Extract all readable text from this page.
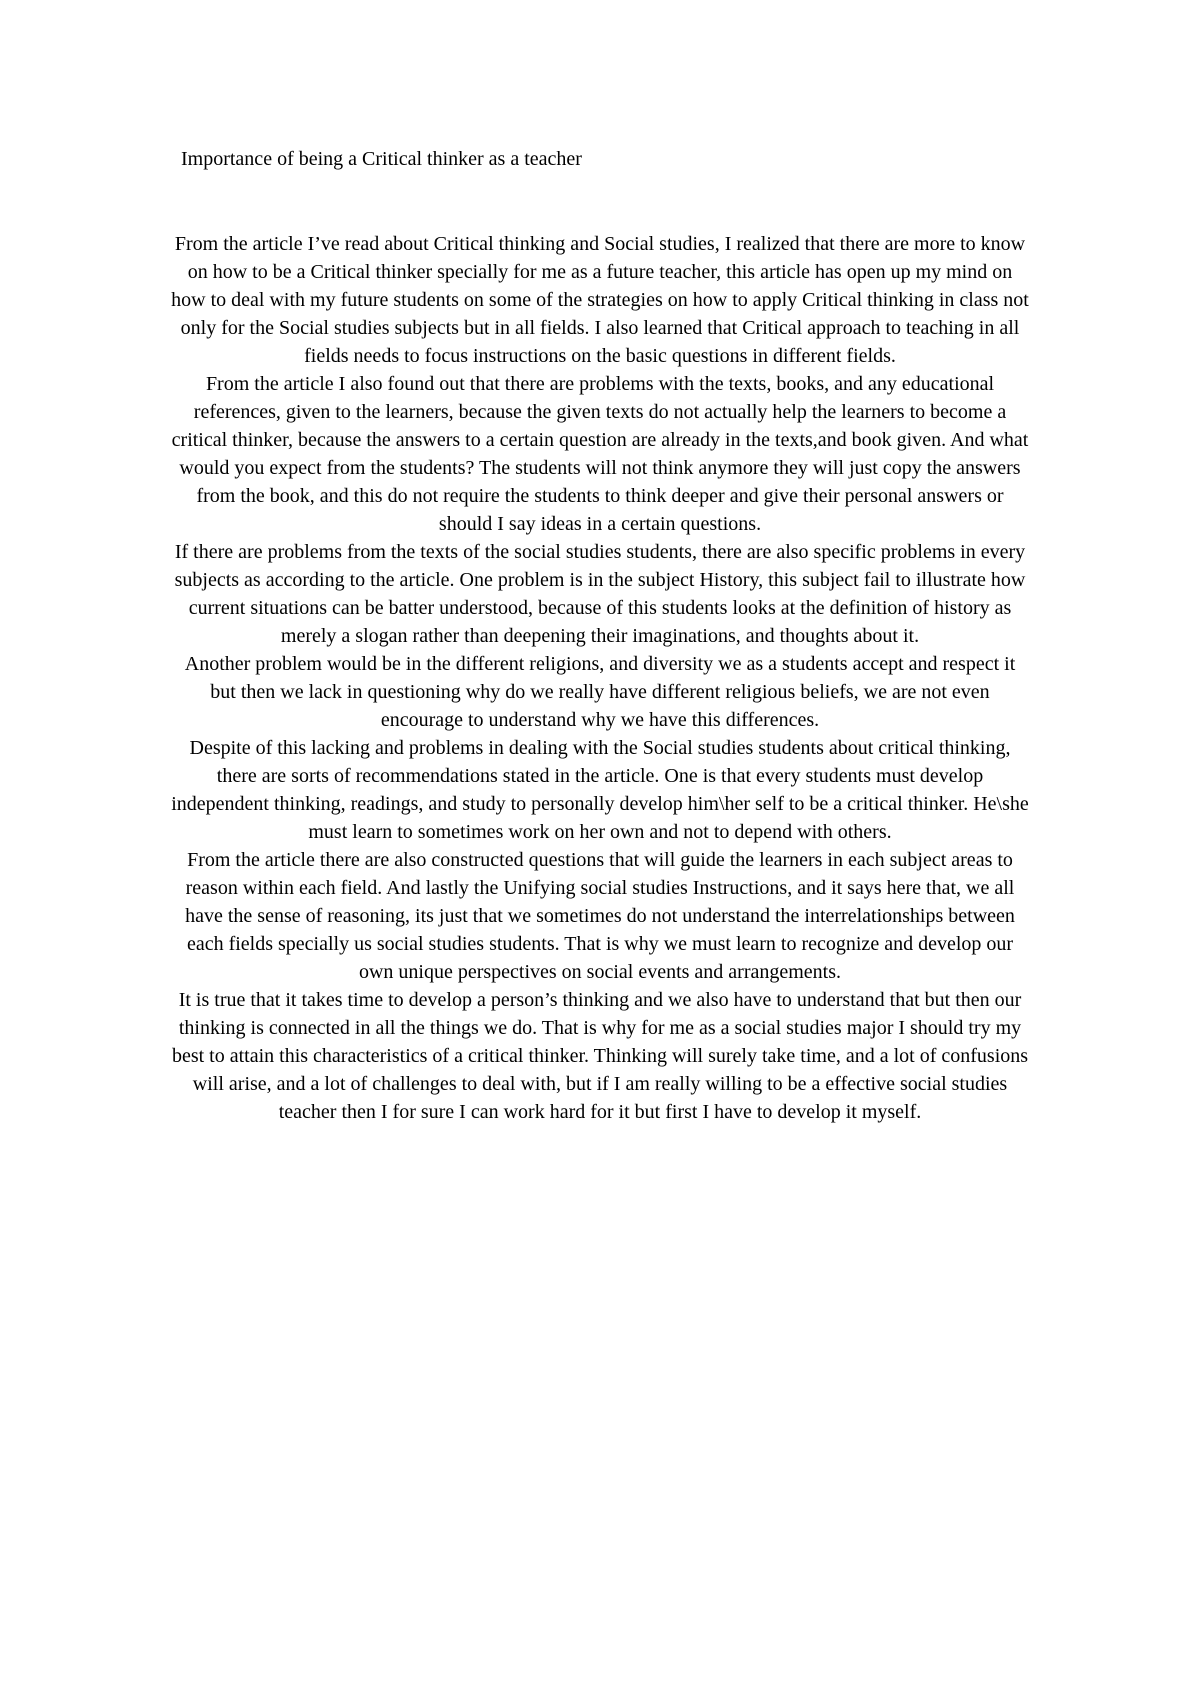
Importance of being a Critical thinker as a teacher

From the article I’ve read about Critical thinking and Social studies, I realized that there are more to know on how to be a Critical thinker specially for me as a future teacher, this article has open up my mind on how to deal with my future students on some of the strategies on how to apply Critical thinking in class not only for the Social studies subjects but in all fields. I also learned that Critical approach to teaching in all fields needs to focus instructions on the basic questions in different fields.

From the article I also found out that there are problems with the texts, books, and any educational references, given to the learners, because the given texts do not actually help the learners to become a critical thinker, because the answers to a certain question are already in the texts,and book given. And what would you expect from the students? The students will not think anymore they will just copy the answers from the book, and this do not require the students to think deeper and give their personal answers or should I say ideas in a certain questions.

If there are problems from the texts of the social studies students, there are also specific problems in every subjects as according to the article. One problem is in the subject History, this subject fail to illustrate how current situations can be batter understood, because of this students looks at the definition of history as merely a slogan rather than deepening their imaginations, and thoughts about it.

Another problem would be in the different religions, and diversity we as a students accept and respect it but then we lack in questioning why do we really have different religious beliefs, we are not even encourage to understand why we have this differences.

Despite of this lacking and problems in dealing with the Social studies students about critical thinking, there are sorts of recommendations stated in the article. One is that every students must develop independent thinking, readings, and study to personally develop him\her self to be a critical thinker. He\she must learn to sometimes work on her own and not to depend with others.

From the article there are also constructed questions that will guide the learners in each subject areas to reason within each field. And lastly the Unifying social studies Instructions, and it says here that, we all have the sense of reasoning, its just that we sometimes do not understand the interrelationships between each fields specially us social studies students. That is why we must learn to recognize and develop our own unique perspectives on social events and arrangements.

It is true that it takes time to develop a person’s thinking and we also have to understand that but then our thinking is connected in all the things we do. That is why for me as a social studies major I should try my best to attain this characteristics of a critical thinker. Thinking will surely take time, and a lot of confusions will arise, and a lot of challenges to deal with, but if I am really willing to be a effective social studies teacher then I for sure I can work hard for it but first I have to develop it myself.
